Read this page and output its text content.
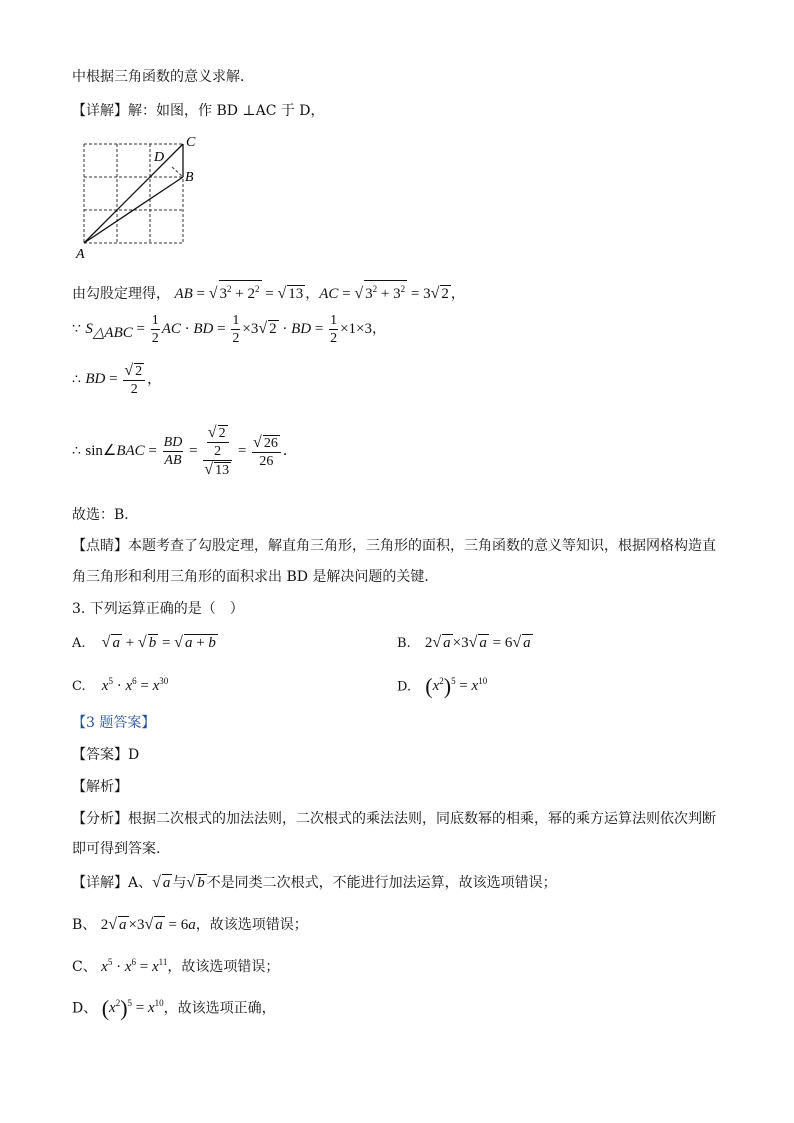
中根据三角函数的意义求解．
【详解】解：如图，作 BD ⊥AC 于 D，
C
D
B
A
由勾股定理得， AB = √ $3^2 + 2^2$ = √ 13 ，AC = √ $3^2 + 3^2 = 3√$ 2 ，
∵ $S_{\triangle ABC} = \frac{1}{2}$ AC · BD = $\frac{1}{2} \times 3√$ 2 · BD = $\frac{1}{2} \times 1\times 3$，
∴ BD = $\frac{√ 2}{2}$ ，
∴ sin∠BAC = $\frac{BD}{AB} = \frac{\frac{√ 2}{2}}{√ 13} = \frac{√ 26}{26}$ ．
故选：B．
【点睛】本题考查了勾股定理，解直角三角形，三角形的面积，三角函数的意义等知识，根据网格构造直
角三角形和利用三角形的面积求出 BD 是解决问题的关键．
3. 下列运算正确的是（　）
A. √ a + √ b = √ a + b	B. 2√ a ×3√ a = 6√ a
C. $x^5 \cdot x^6 = x^{30}$	D. $(x^2)^5 = x^{10}$
【3 题答案】
【答案】D
【解析】
【分析】根据二次根式的加法法则，二次根式的乘法法则，同底数幂的相乘，幂的乘方运算法则依次判断
即可得到答案.
【详解】A、√ a 与√ b 不是同类二次根式，不能进行加法运算，故该选项错误；
B、 2√ a ×3√ a = 6a，故该选项错误；
C、 $x^5 \cdot x^6 = x^{11}$，故该选项错误；
D、 $(x^2)^5 = x^{10}$，故该选项正确，
